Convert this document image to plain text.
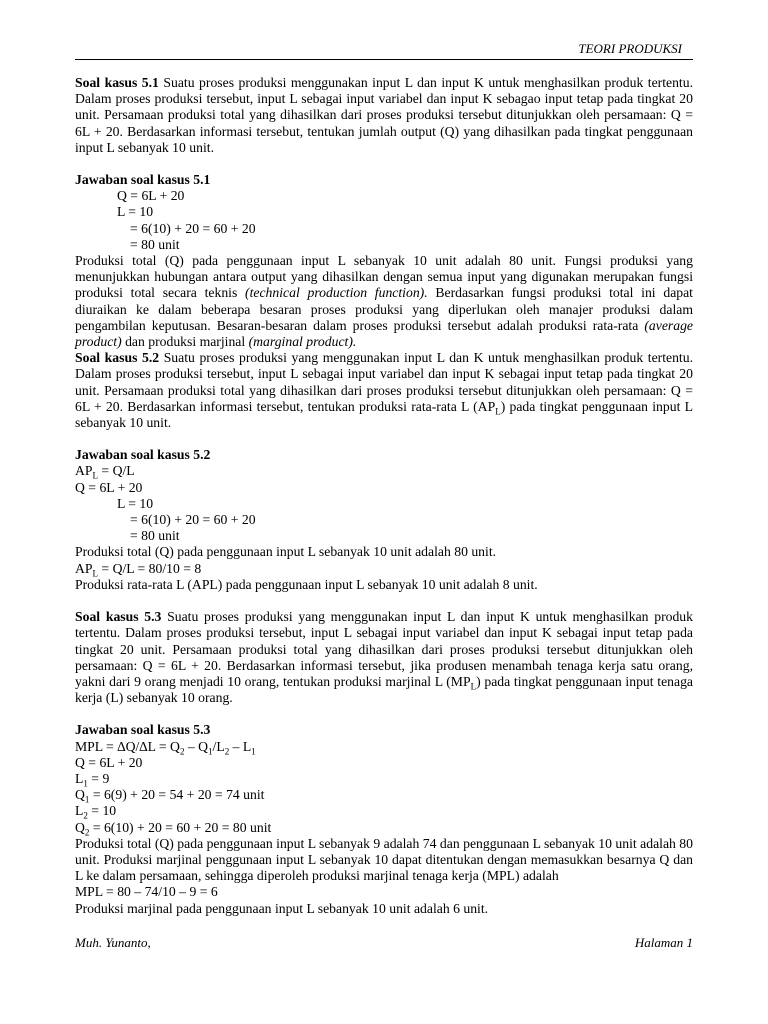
TEORI PRODUKSI

Soal kasus 5.1 Suatu proses produksi menggunakan input L dan input K untuk menghasilkan produk tertentu. Dalam proses produksi tersebut, input L sebagai input variabel dan input K sebagao input tetap pada tingkat 20 unit. Persamaan produksi total yang dihasilkan dari proses produksi tersebut ditunjukkan oleh persamaan: Q = 6L + 20. Berdasarkan informasi tersebut, tentukan jumlah output (Q) yang dihasilkan pada tingkat penggunaan input L sebanyak 10 unit.

Jawaban soal kasus 5.1

Q = 6L + 20

L = 10

= 6(10) + 20 = 60 + 20

= 80 unit

Produksi total (Q) pada penggunaan input L sebanyak 10 unit adalah 80 unit. Fungsi produksi yang menunjukkan hubungan antara output yang dihasilkan dengan semua input yang digunakan merupakan fungsi produksi total secara teknis (technical production function). Berdasarkan fungsi produksi total ini dapat diuraikan ke dalam beberapa besaran proses produksi yang diperlukan oleh manajer produksi dalam pengambilan keputusan. Besaran-besaran dalam proses produksi tersebut adalah produksi rata-rata (average product) dan produksi marjinal (marginal product).

Soal kasus 5.2 Suatu proses produksi yang menggunakan input L dan K untuk menghasilkan produk tertentu. Dalam proses produksi tersebut, input L sebagai input variabel dan input K sebagai input tetap pada tingkat 20 unit. Persamaan produksi total yang dihasilkan dari proses produksi tersebut ditunjukkan oleh persamaan: Q = 6L + 20. Berdasarkan informasi tersebut, tentukan produksi rata-rata L $(AP_L)$ pada tingkat penggunaan input L sebanyak 10 unit.

Jawaban soal kasus 5.2

$AP_L = Q/L$

Q = 6L + 20

L = 10

= 6(10) + 20 = 60 + 20

= 80 unit

Produksi total (Q) pada penggunaan input L sebanyak 10 unit adalah 80 unit.

$AP_L = Q/L = 80/10 = 8$

Produksi rata-rata L (APL) pada penggunaan input L sebanyak 10 unit adalah 8 unit.

Soal kasus 5.3 Suatu proses produksi yang menggunakan input L dan input K untuk menghasilkan produk tertentu. Dalam proses produksi tersebut, input L sebagai input variabel dan input K sebagai input tetap pada tingkat 20 unit. Persamaan produksi total yang dihasilkan dari proses produksi tersebut ditunjukkan oleh persamaan: Q = 6L + 20. Berdasarkan informasi tersebut, jika produsen menambah tenaga kerja satu orang, yakni dari 9 orang menjadi 10 orang, tentukan produksi marjinal L $(MP_L)$ pada tingkat penggunaan input tenaga kerja (L) sebanyak 10 orang.

Jawaban soal kasus 5.3

MPL = $\Delta Q/\Delta L = Q_2 - Q_1/L_2 - L_1$

Q = 6L + 20

$L_1 = 9$

$Q_1 = 6(9) + 20 = 54 + 20 = 74$ unit

$L_2 = 10$

$Q_2 = 6(10) + 20 = 60 + 20 = 80$ unit

Produksi total (Q) pada penggunaan input L sebanyak 9 adalah 74 dan penggunaan L sebanyak 10 unit adalah 80 unit. Produksi marjinal penggunaan input L sebanyak 10 dapat ditentukan dengan memasukkan besarnya Q dan L ke dalam persamaan, sehingga diperoleh produksi marjinal tenaga kerja (MPL) adalah

MPL = 80 – 74/10 – 9 = 6

Produksi marjinal pada penggunaan input L sebanyak 10 unit adalah 6 unit.

Muh. Yunanto,	Halaman 1
